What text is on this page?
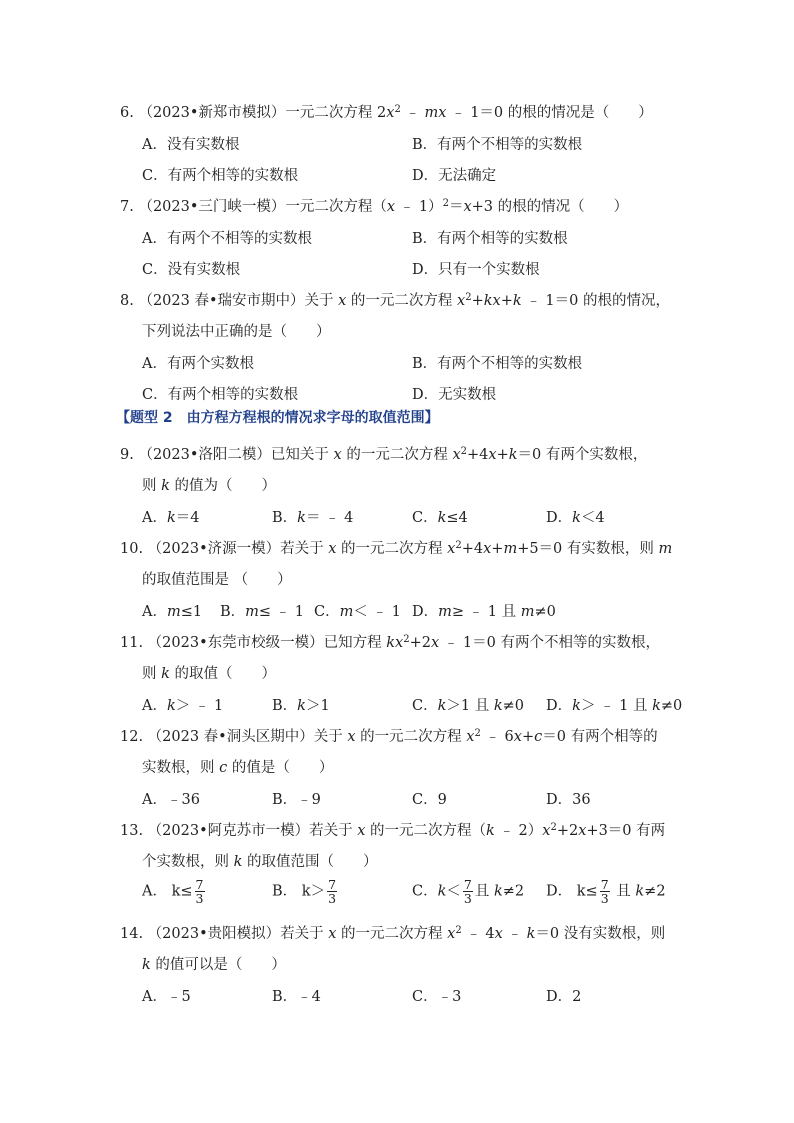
6. （2023•新郑市模拟）一元二次方程 $2x^2$ ﹣ mx ﹣ 1＝0 的根的情况是（　　）
A．没有实数根	B．有两个不相等的实数根
C．有两个相等的实数根	D．无法确定
7. （2023•三门峡一模）一元二次方程（x ﹣ 1）$^2$＝x+3 的根的情况（　　）
A．有两个不相等的实数根	B．有两个相等的实数根
C．没有实数根	D．只有一个实数根
8. （2023 春•瑞安市期中）关于 x 的一元二次方程 $x^2+kx+k$ ﹣ 1＝0 的根的情况，
下列说法中正确的是（　　）
A．有两个实数根	B．有两个不相等的实数根
C．有两个相等的实数根	D．无实数根
【题型 2　由方程方程根的情况求字母的取值范围】
9. （2023•洛阳二模）已知关于 x 的一元二次方程 $x^2+4x+k=0$ 有两个实数根，
则 k 的值为（　　）
A．k＝4	B．k＝ ﹣ 4	C．k≤4	D．k＜4
10. （2023•济源一模）若关于 x 的一元二次方程 $x^2+4x+m+5=0$ 有实数根，则 m
的取值范围是 （　　）
A．m≤1 B．m≤ ﹣ 1 C．m＜ ﹣ 1 D．m≥ ﹣ 1 且 m≠0
11. （2023•东莞市校级一模）已知方程 $kx^2+2x$ ﹣ 1＝0 有两个不相等的实数根，
则 k 的取值（　　）
A．k＞ ﹣ 1	B．k＞1	C．k＞1 且 k≠0 D．k＞ ﹣ 1 且 k≠0
12. （2023 春•洞头区期中）关于 x 的一元二次方程 $x^2$ ﹣ 6x+c＝0 有两个相等的
实数根，则 c 的值是（　　）
A．﹣36	B．﹣9	C．9	D．36
13. （2023•阿克苏市一模）若关于 x 的一元二次方程（k ﹣ $2)x^2+2x+3=0$ 有两
个实数根，则 k 的取值范围（　　）
A． $k\le \frac{7}{3}$	B． $k> \frac{7}{3}$	C．$k< \frac{7}{3}$ 且 k≠2 D． $k\le \frac{7}{3}$ 且 k≠2
14. （2023•贵阳模拟）若关于 x 的一元二次方程 $x^2$ ﹣ 4x ﹣ k＝0 没有实数根，则
k 的值可以是（　　）
A．﹣5	B．﹣4	C．﹣3	D．2
